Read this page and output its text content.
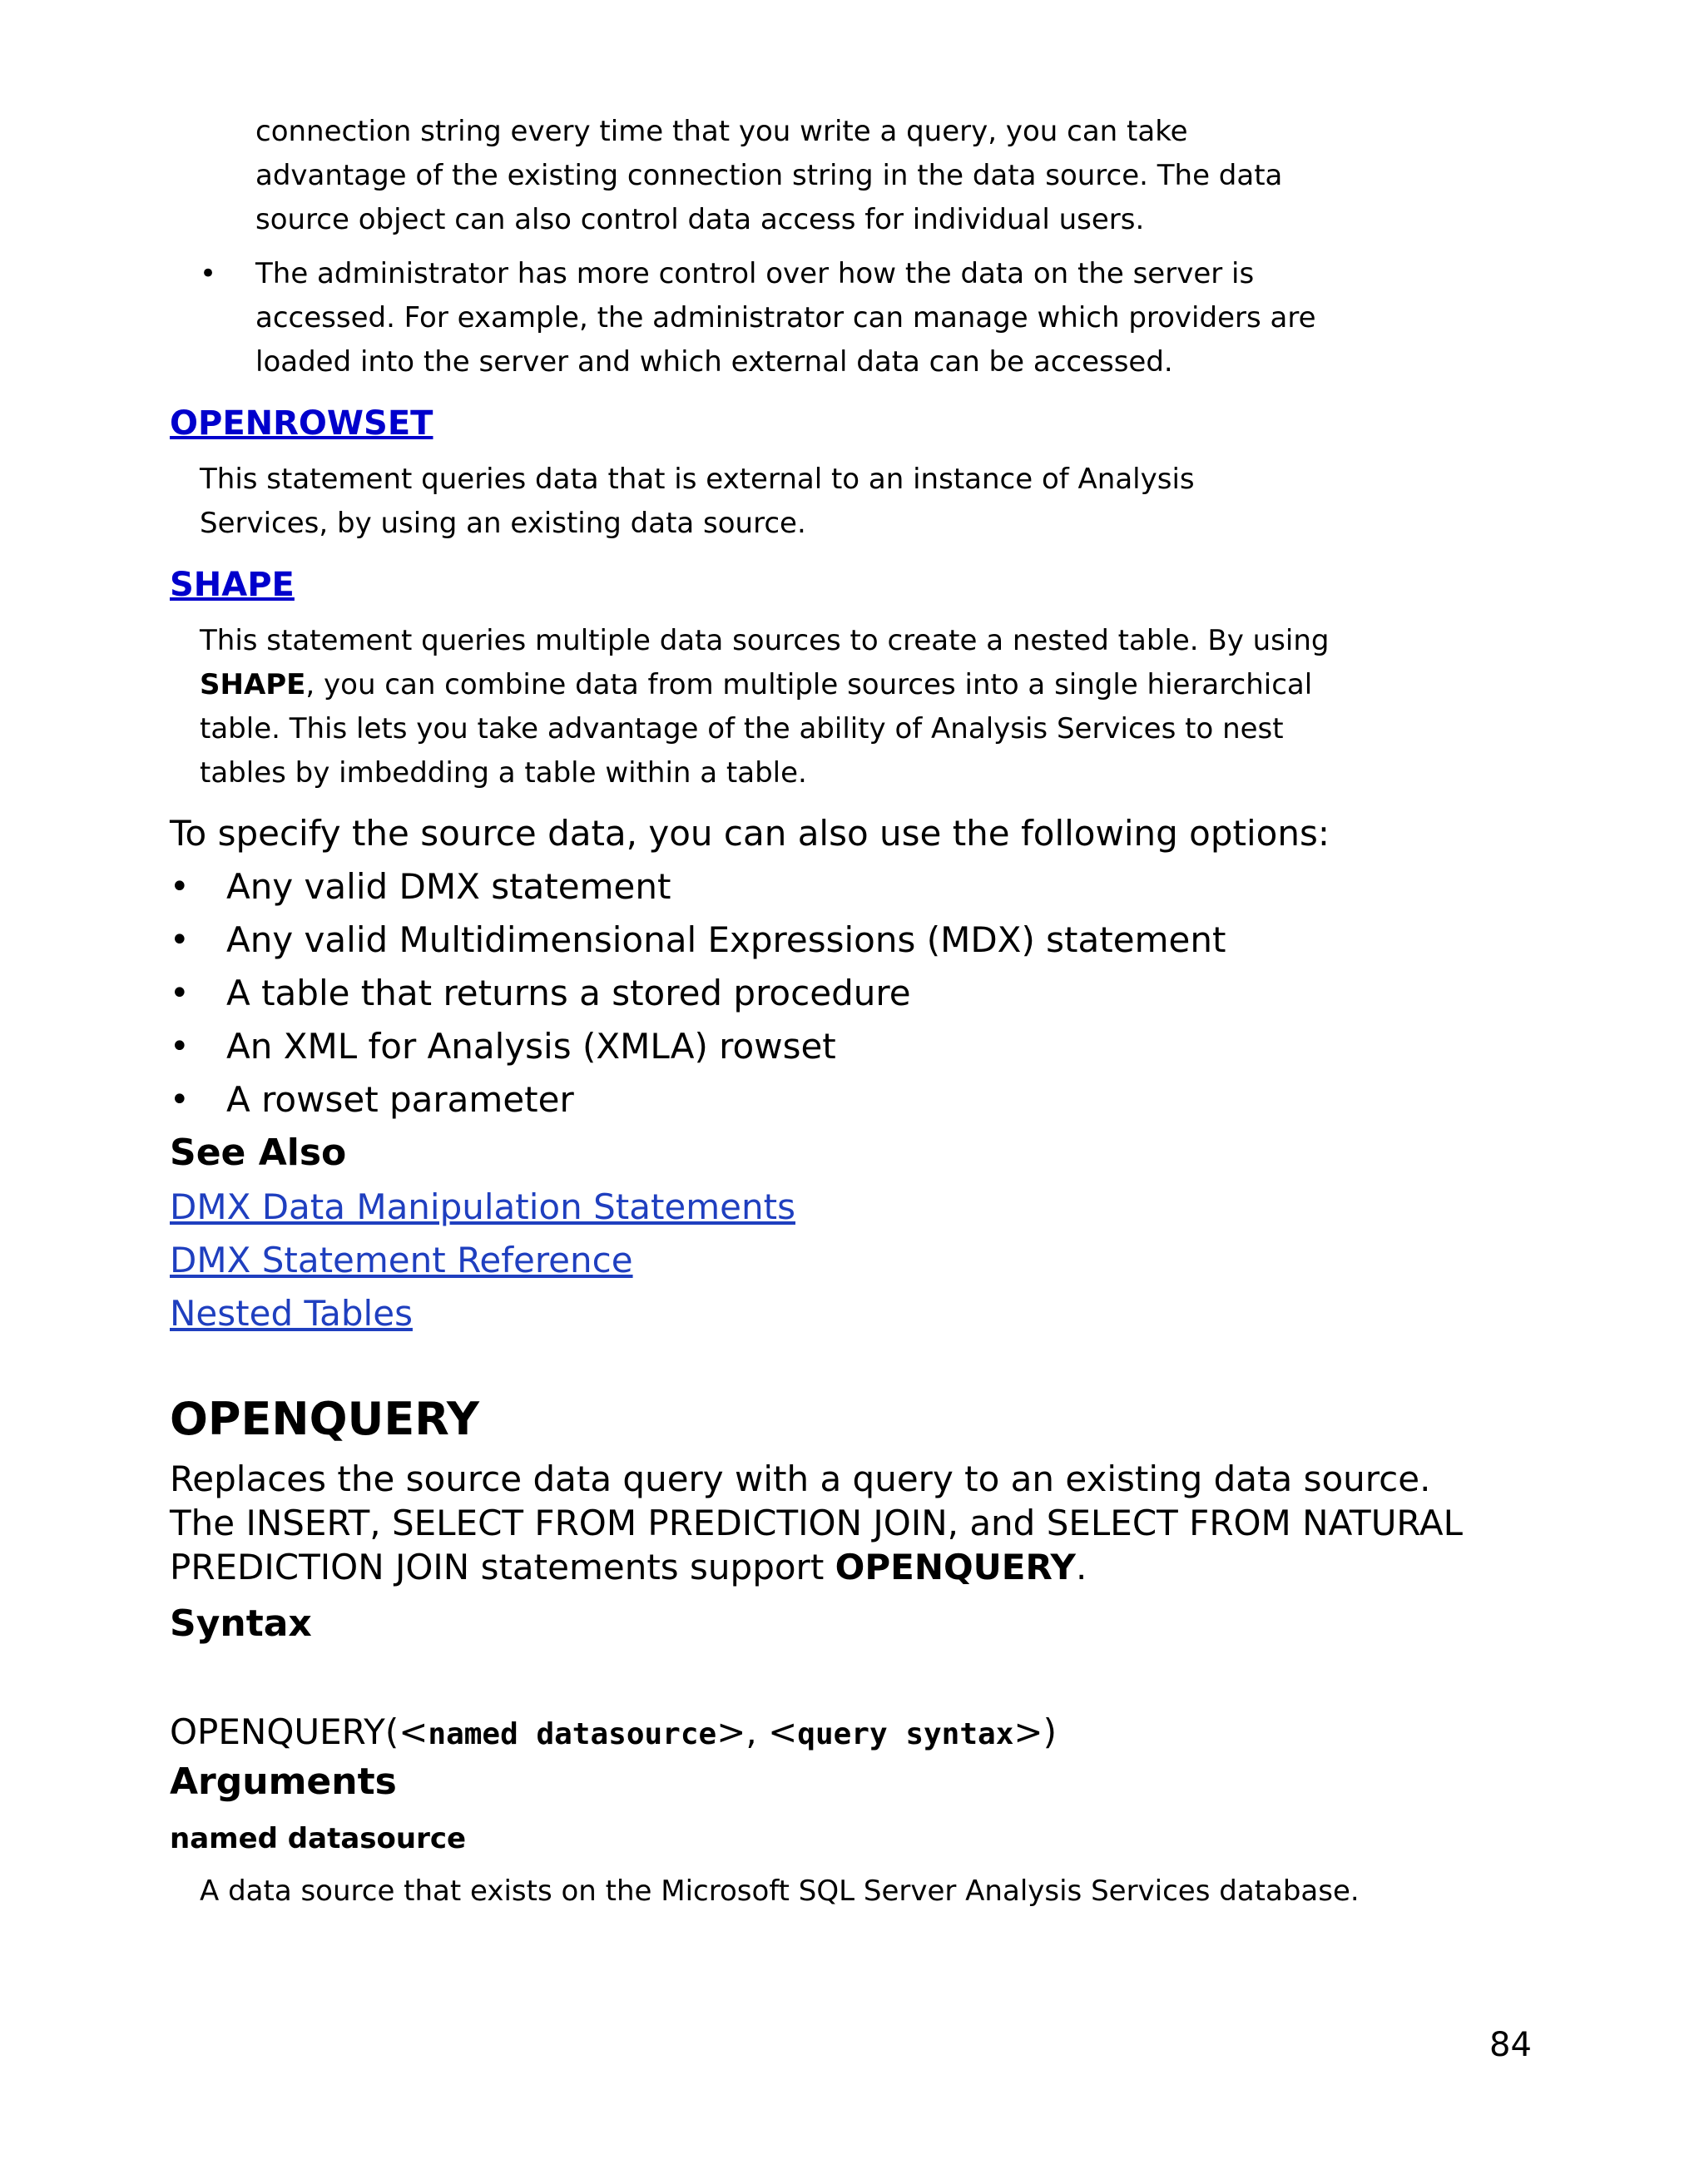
connection string every time that you write a query, you can take advantage of the existing connection string in the data source. The data source object can also control data access for individual users.
• The administrator has more control over how the data on the server is accessed. For example, the administrator can manage which providers are loaded into the server and which external data can be accessed.
OPENROWSET
This statement queries data that is external to an instance of Analysis Services, by using an existing data source.
SHAPE
This statement queries multiple data sources to create a nested table. By using SHAPE, you can combine data from multiple sources into a single hierarchical table. This lets you take advantage of the ability of Analysis Services to nest tables by imbedding a table within a table.
To specify the source data, you can also use the following options:
• Any valid DMX statement
• Any valid Multidimensional Expressions (MDX) statement
• A table that returns a stored procedure
• An XML for Analysis (XMLA) rowset
• A rowset parameter
See Also
DMX Data Manipulation Statements
DMX Statement Reference
Nested Tables
OPENQUERY
Replaces the source data query with a query to an existing data source. The INSERT, SELECT FROM PREDICTION JOIN, and SELECT FROM NATURAL PREDICTION JOIN statements support OPENQUERY.
Syntax
OPENQUERY(<named datasource>, <query syntax>)
Arguments
named datasource
A data source that exists on the Microsoft SQL Server Analysis Services database.
84
